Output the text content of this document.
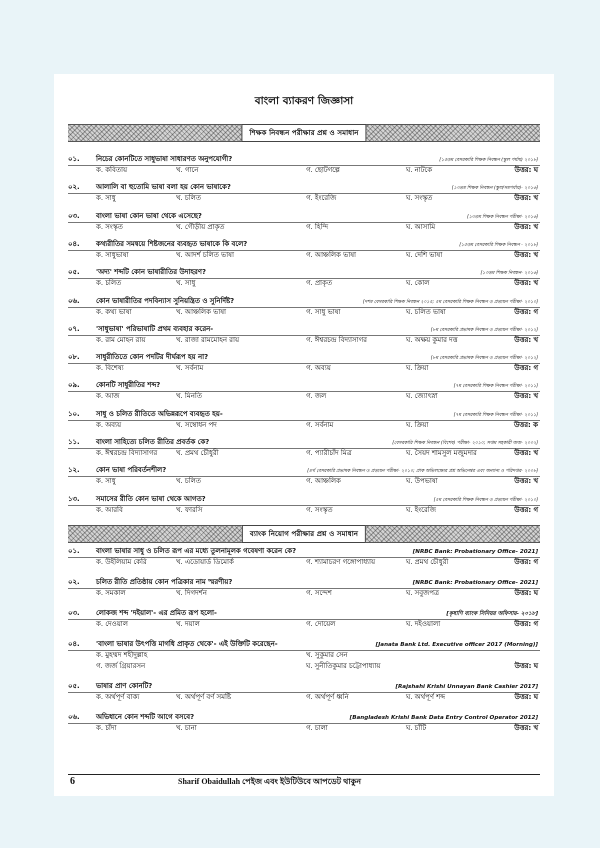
বাংলা ব্যাকরণ জিজ্ঞাসা
শিক্ষক নিবন্ধন পরীক্ষার প্রশ্ন ও সমাধান
০১.	নিচের কোনটিতে সাধুভাষা সাধারণত অনুপযোগী?	[১৫তম বেসরকারি শিক্ষক নিবন্ধন (স্কুল পর্যায়) ২০১৮]
ক. কবিতায়	খ. গানে	গ. ছোটগল্পে	ঘ. নাটকে	উত্তর: ঘ
০২.	আলালি বা হুতোমি ভাষা বলা হয় কোন ভাষাকে?	[১৩তম শিক্ষক নিবন্ধন (স্কুল/সমপর্যায়)- ২০১৬]
ক. সাধু	খ. চলিত	গ. ইংরেজি	ঘ. সংস্কৃত	উত্তর: খ
০৩.	বাংলা ভাষা কোন ভাষা থেকে এসেছে?	[১৩তম শিক্ষক নিবন্ধন পরীক্ষা- ২০১৬]
ক. সংস্কৃত	খ. গৌড়ীয় প্রাকৃত	গ. হিন্দি	ঘ. আসামি	উত্তর: খ
০৪.	কথ্যরীতির সমন্বয়ে শিষ্টজনের ব্যবহৃত ভাষাকে কি বলে?	[১৫তম বেসরকারি শিক্ষক নিবন্ধন - ২০১৮]
ক. সাধুভাষা	খ. আদর্শ চলিত ভাষা	গ. আঞ্চলিক ভাষা	ঘ. দেশি ভাষা	উত্তর: খ
০৫.	'অদ্য' শব্দটি কোন ভাষারীতির উদাহরণ?	[১৩তম শিক্ষক নিবন্ধন- ২০১৬]
ক. চলিত	খ. সাধু	গ. প্রাকৃত	ঘ. কোল	উত্তর: খ
০৬.	কোন ভাষারীতির পদবিন্যাস সুনিয়ন্ত্রিত ও সুনির্দিষ্ট?	[দশম বেসরকারি শিক্ষক নিবন্ধন ২০১৫; ৫ম বেসরকারি শিক্ষক নিবন্ধন ও প্রত্যয়ন পরীক্ষা- ২০১০]
ক. কথ্য ভাষা	খ. আঞ্চলিক ভাষা	গ. সাধু ভাষা	ঘ. চলিত ভাষা	উত্তর: গ
০৭.	'সাধুভাষা' পরিভাষাটি প্রথম ব্যবহার করেন-	[৮ম বেসরকারি প্রভাষক নিবন্ধন ও প্রত্যয়ন পরীক্ষা- ২০১২]
ক. রাম মোহন রায়	খ. রাজা রামমোহন রায়	গ. ঈশ্বরচন্দ্র বিদ্যাসাগর	ঘ. অক্ষয় কুমার দত্ত	উত্তর: খ
০৮.	সাধুরীতিতে কোন পদটির দীর্ঘরূপ হয় না?	[৮ম বেসরকারি প্রভাষক নিবন্ধন ও প্রত্যয়ন পরীক্ষা- ২০১২]
ক. বিশেষ্য	খ. সর্বনাম	গ. অব্যয়	ঘ. ক্রিয়া	উত্তর: গ
০৯.	কোনটি সাধুরীতির শব্দ?	[৭ম বেসরকারি শিক্ষক নিবন্ধন পরীক্ষা- ২০১১]
ক. আজ	খ. মিনতি	গ. জল	ঘ. জ্যোৎস্না	উত্তর: খ
১০.	সাধু ও চলিত রীতিতে অভিন্নরূপে ব্যবহৃত হয়-	[৭ম বেসরকারি শিক্ষক নিবন্ধন পরীক্ষা- ২০১১]
ক. অব্যয়	খ. সম্বোধন পদ	গ. সর্বনাম	ঘ. ক্রিয়া	উত্তর: ক
১১.	বাংলা সাহিত্যে চলিত রীতির প্রবর্তক কে?	[বেসরকারি শিক্ষক নিবন্ধন (বিশেষ) পরীক্ষা- ২০১০; সপ্তম সহকারী জজ- ২০০২]
ক. ঈশ্বরচন্দ্র বিদ্যাসাগর	খ. প্রমথ চৌধুরী	গ. প্যারীচাঁদ মিত্র	ঘ. সৈয়দ শামসুল মজুমদার	উত্তর: খ
১২.	কোন ভাষা পরিবর্তনশীল?	[৪র্থ বেসরকারি প্রভাষক নিবন্ধন ও প্রত্যয়ন পরীক্ষা- ২০১০; প্রাক অভিলক্ষ্যের প্রশ্ন অভিনেশ্বর এবং অন্যান্য ও পরিদপ্তর- ২০০৮]
ক. সাধু	খ. চলিত	গ. আঞ্চলিক	ঘ. উপভাষা	উত্তর: খ
১৩.	সমাসের রীতি কোন ভাষা থেকে আগত?	[৫ম বেসরকারি শিক্ষক নিবন্ধন ও প্রত্যয়ন পরীক্ষা- ২০১০]
ক. আরবি	খ. ফারসি	গ. সংস্কৃত	ঘ. ইংরেজি	উত্তর: গ
ব্যাংক নিয়োগ পরীক্ষার প্রশ্ন ও সমাধান
০১.	বাংলা ভাষার সাধু ও চলিত রূপ এর মধ্যে তুলনামূলক গবেষণা করেন কে?	[NRBC Bank: Probationary Office- 2021]
ক. উইলিয়াম কেরি	খ. এডোয়ার্ড ডিমোর্ক	গ. শ্যামাচরণ গঙ্গোপাধ্যায়	ঘ. প্রমথ চৌধুরী	উত্তর: গ
০২.	চলিত রীতি প্রতিষ্ঠায় কোন পত্রিকার নাম স্মরণীয়?	[NRBC Bank: Probationary Office- 2021]
ক. সমকাল	খ. দিগদর্শন	গ. সন্দেশ	ঘ. সবুজপত্র	উত্তর: ঘ
০৩.	লোকজ শব্দ 'দইয়াল'- এর প্রমিত রূপ হলো-	[কৃষাণি ব্যাংক সিনিয়র অফিসার- ২০১৮]
ক. দেওয়াল	খ. দয়াল	গ. দোয়েল	ঘ. দইওয়ালা	উত্তর: গ
০৪.	'বাংলা ভাষার উৎপত্তি মাগধি প্রাকৃত থেকে'- এই উক্তিটি করেছেন-	[Janata Bank Ltd. Executive officer 2017 (Morning)]
ক. মুহম্মদ শহীদুল্লাহ	খ. সুকুমার সেন
গ. জর্জ গ্রিয়ারসন	ঘ. সুনীতিকুমার চট্টোপাধ্যায়	উত্তর: ঘ
০৫.	ভাষার প্রাণ কোনটি?	[Rajshahi Krishi Unnayan Bank Cashier 2017]
ক. অর্থপূর্ণ বাক্য	খ. অর্থপূর্ণ বর্ণ সমষ্টি	গ. অর্থপূর্ণ ধ্বনি	ঘ. অর্থপূর্ণ শব্দ	উত্তর: ঘ
০৬.	অভিধানে কোন শব্দটি আগে বসবে?	[Bangladesh Krishi Bank Data Entry Control Operator 2012]
ক. চাঁদা	খ. চানা	গ. চালা	ঘ. চাঁটি	উত্তর: খ
6	Sharif Obaidullah পেইজ এবং ইউটিউবে আপডেট থাকুন
